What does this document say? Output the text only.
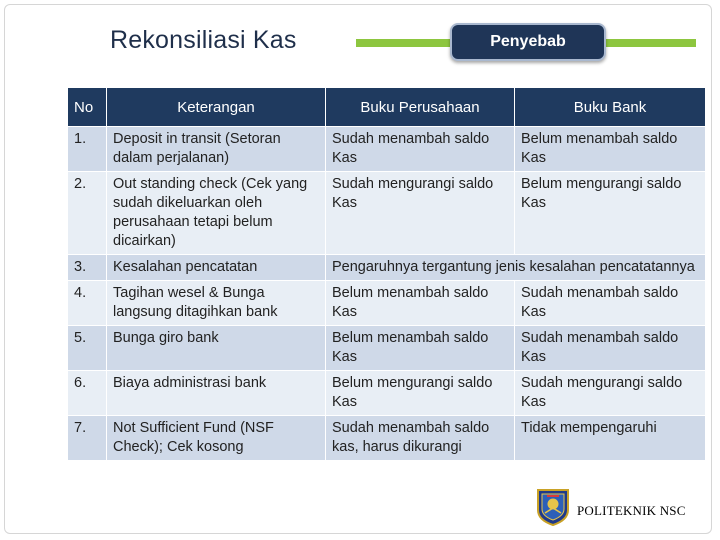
Rekonsiliasi Kas	Penyebab
No	Keterangan	Buku Perusahaan	Buku Bank
1.	Deposit in transit (Setoran dalam perjalanan)	Sudah menambah saldo Kas	Belum menambah saldo Kas
2.	Out standing check (Cek yang sudah dikeluarkan oleh perusahaan tetapi belum dicairkan)	Sudah mengurangi saldo Kas	Belum mengurangi saldo Kas
3.	Kesalahan pencatatan	Pengaruhnya tergantung jenis kesalahan pencatatannya	
4.	Tagihan wesel & Bunga langsung ditagihkan bank	Belum menambah saldo Kas	Sudah menambah saldo Kas
5.	Bunga giro bank	Belum menambah saldo Kas	Sudah menambah saldo Kas
6.	Biaya administrasi bank	Belum mengurangi saldo Kas	Sudah mengurangi saldo Kas
7.	Not Sufficient Fund (NSF Check); Cek kosong	Sudah menambah saldo kas, harus dikurangi	Tidak mempengaruhi
POLITEKNIK NSC
